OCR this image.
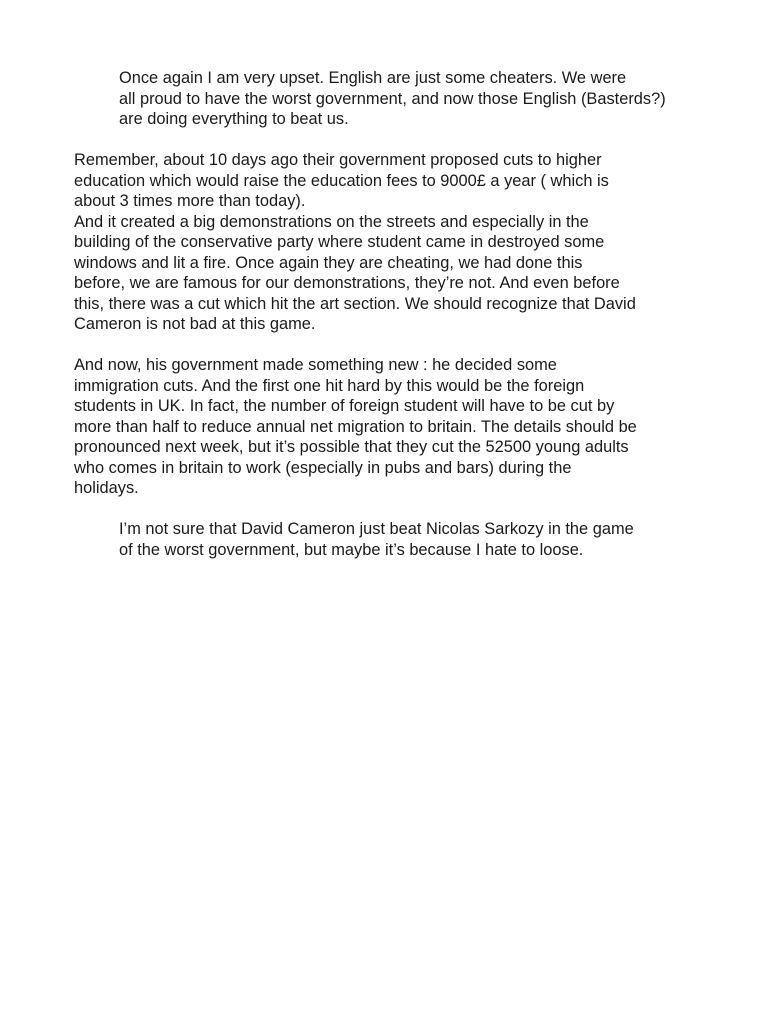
Once again I am very upset. English are just some cheaters. We were
all proud to have the worst government, and now those English (Basterds?)
are doing everything to beat us.

Remember, about 10 days ago their government proposed cuts to higher
education which would raise the education fees to 9000£ a year ( which is
about 3 times more than today).

And it created a big demonstrations on the streets and especially in the
building of the conservative party where student came in destroyed some
windows and lit a fire. Once again they are cheating, we had done this
before, we are famous for our demonstrations, they’re not. And even before
this, there was a cut which hit the art section. We should recognize that David
Cameron is not bad at this game.

And now, his government made something new : he decided some
immigration cuts. And the first one hit hard by this would be the foreign
students in UK. In fact, the number of foreign student will have to be cut by
more than half to reduce annual net migration to britain. The details should be
pronounced next week, but it’s possible that they cut the 52500 young adults
who comes in britain to work (especially in pubs and bars) during the
holidays.

I’m not sure that David Cameron just beat Nicolas Sarkozy in the game
of the worst government, but maybe it’s because I hate to loose.
